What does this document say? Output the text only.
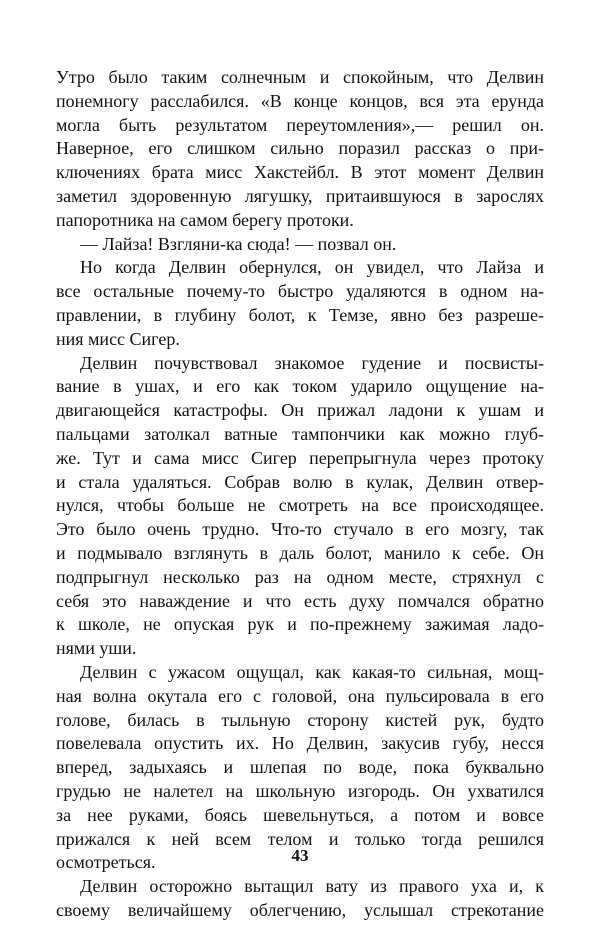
Утро было таким солнечным и спокойным, что Делвин
понемногу расслабился. «В конце концов, вся эта ерунда
могла быть результатом переутомления»,— решил он.
Наверное, его слишком сильно поразил рассказ о при-
ключениях брата мисс Хакстейбл. В этот момент Делвин
заметил здоровенную лягушку, притаившуюся в зарослях
папоротника на самом берегу протоки.

— Лайза! Взгляни-ка сюда! — позвал он.

Но когда Делвин обернулся, он увидел, что Лайза и
все остальные почему-то быстро удаляются в одном на-
правлении, в глубину болот, к Темзе, явно без разреше-
ния мисс Сигер.

Делвин почувствовал знакомое гудение и посвисты-
вание в ушах, и его как током ударило ощущение на-
двигающейся катастрофы. Он прижал ладони к ушам и
пальцами затолкал ватные тампончики как можно глуб-
же. Тут и сама мисс Сигер перепрыгнула через протоку
и стала удаляться. Собрав волю в кулак, Делвин отвер-
нулся, чтобы больше не смотреть на все происходящее.
Это было очень трудно. Что-то стучало в его мозгу, так
и подмывало взглянуть в даль болот, манило к себе. Он
подпрыгнул несколько раз на одном месте, стряхнул с
себя это наваждение и что есть духу помчался обратно
к школе, не опуская рук и по-прежнему зажимая ладо-
нями уши.

Делвин с ужасом ощущал, как какая-то сильная, мощ-
ная волна окутала его с головой, она пульсировала в его
голове, билась в тыльную сторону кистей рук, будто
повелевала опустить их. Но Делвин, закусив губу, несся
вперед, задыхаясь и шлепая по воде, пока буквально
грудью не налетел на школьную изгородь. Он ухватился
за нее руками, боясь шевельнуться, а потом и вовсе
прижался к ней всем телом и только тогда решился
осмотреться.

Делвин осторожно вытащил вату из правого уха и, к
своему величайшему облегчению, услышал стрекотание

43
